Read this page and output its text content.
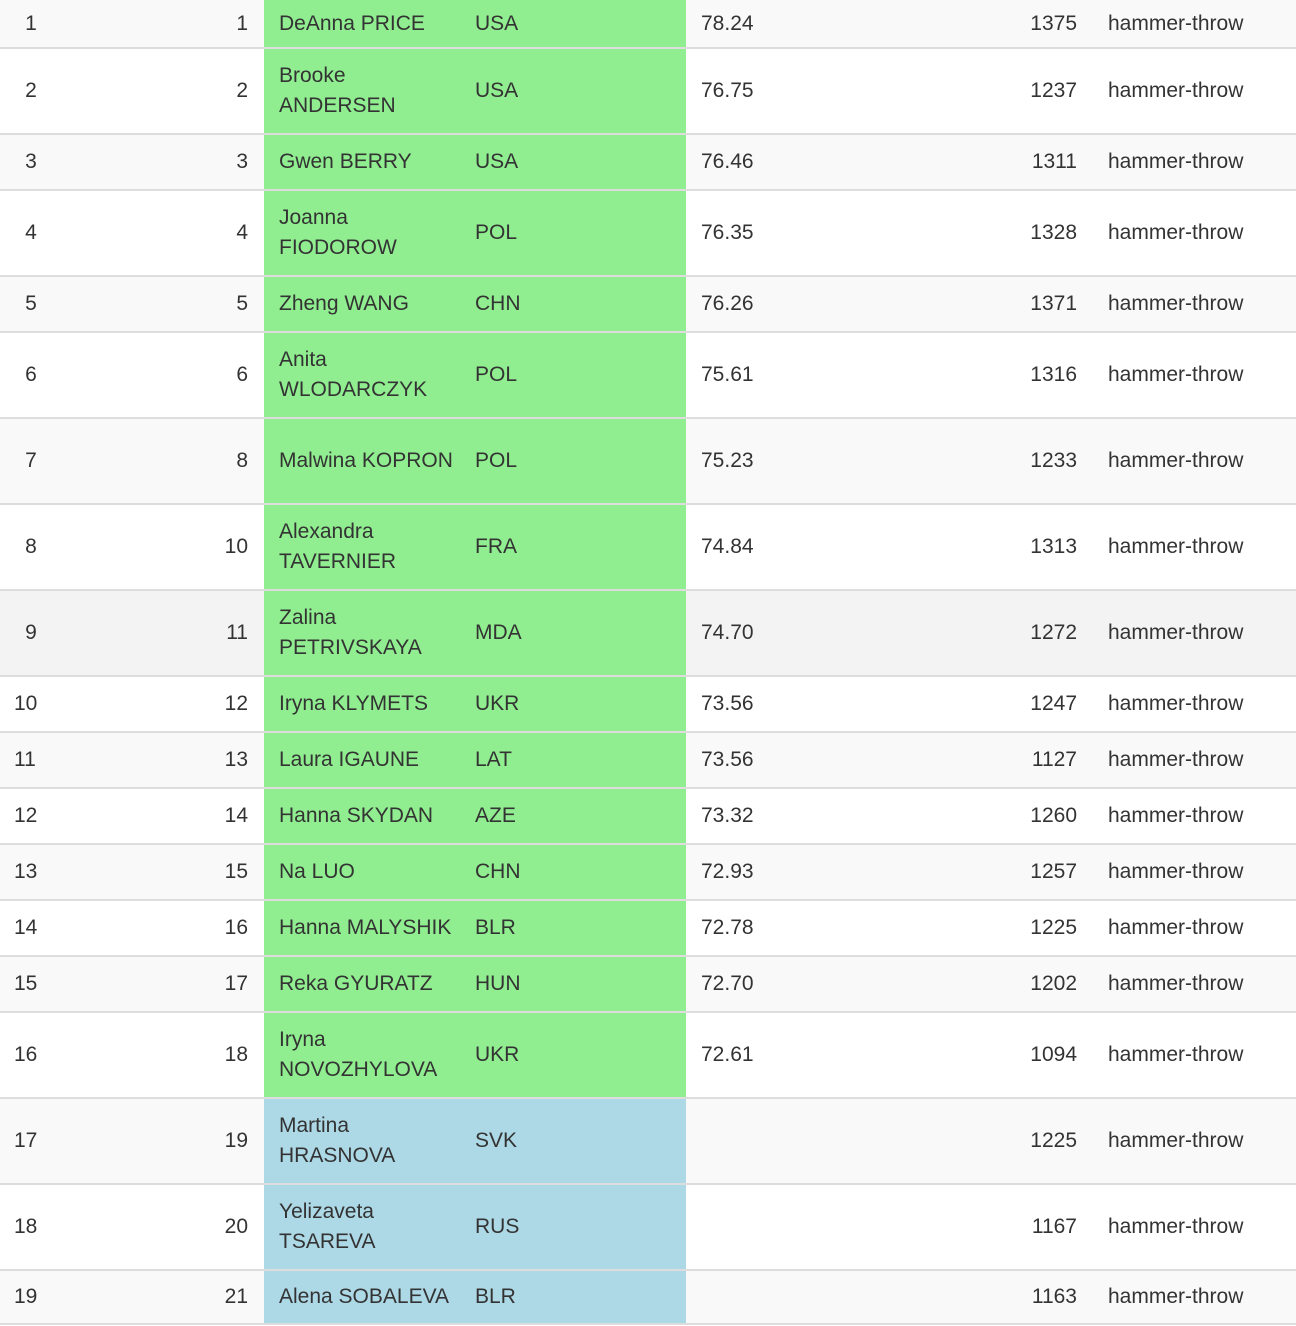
1	1	DeAnna PRICE	USA	78.24	1375	hammer-throw
2	2	Brooke ANDERSEN	USA	76.75	1237	hammer-throw
3	3	Gwen BERRY	USA	76.46	1311	hammer-throw
4	4	Joanna FIODOROW	POL	76.35	1328	hammer-throw
5	5	Zheng WANG	CHN	76.26	1371	hammer-throw
6	6	Anita WLODARCZYK	POL	75.61	1316	hammer-throw
7	8	Malwina KOPRON	POL	75.23	1233	hammer-throw
8	10	Alexandra TAVERNIER	FRA	74.84	1313	hammer-throw
9	11	Zalina PETRIVSKAYA	MDA	74.70	1272	hammer-throw
10	12	Iryna KLYMETS	UKR	73.56	1247	hammer-throw
11	13	Laura IGAUNE	LAT	73.56	1127	hammer-throw
12	14	Hanna SKYDAN	AZE	73.32	1260	hammer-throw
13	15	Na LUO	CHN	72.93	1257	hammer-throw
14	16	Hanna MALYSHIK	BLR	72.78	1225	hammer-throw
15	17	Reka GYURATZ	HUN	72.70	1202	hammer-throw
16	18	Iryna NOVOZHYLOVA	UKR	72.61	1094	hammer-throw
17	19	Martina HRASNOVA	SVK		1225	hammer-throw
18	20	Yelizaveta TSAREVA	RUS		1167	hammer-throw
19	21	Alena SOBALEVA	BLR		1163	hammer-throw
